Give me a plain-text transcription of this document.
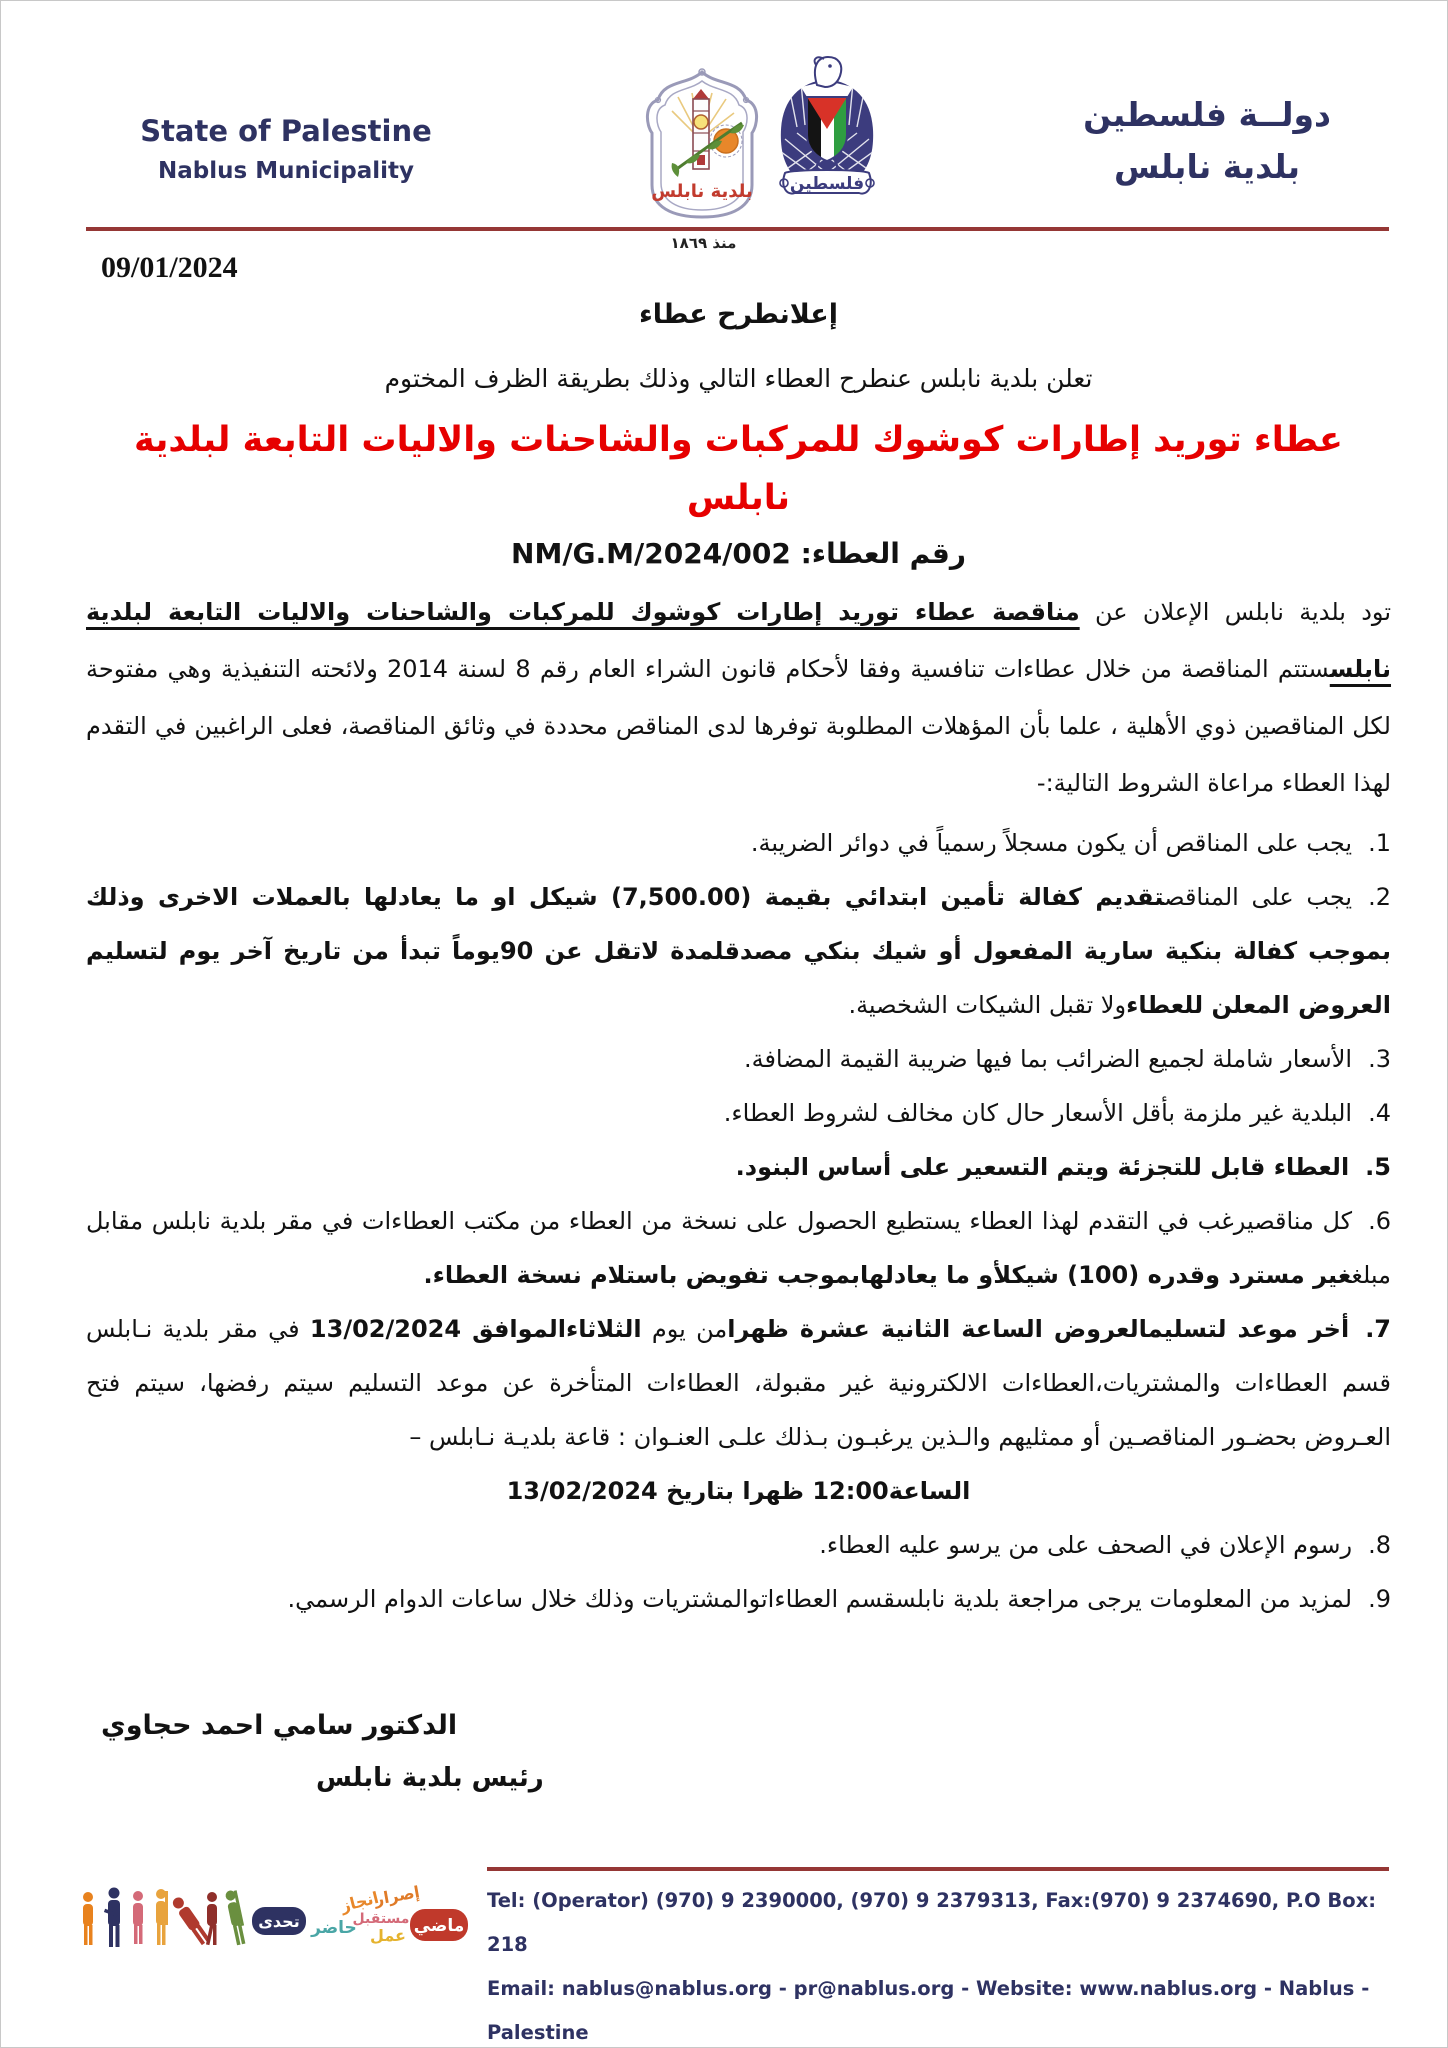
State of Palestine
Nablus Municipality
بلدية نابلس فلسطين
دولــة فلسطين
بلدية نابلس
منذ ١٨٦٩
09/01/2024
إعلانطرح عطاء
تعلن بلدية نابلس عنطرح العطاء التالي وذلك بطريقة الظرف المختوم
عطاء توريد إطارات كوشوك للمركبات والشاحنات والاليات التابعة لبلدية
نابلس
رقم العطاء: NM/G.M/2024/002

تود بلدية نابلس الإعلان عن مناقصة عطاء توريد إطارات كوشوك للمركبات والشاحنات والاليات التابعة لبلدية نابلسستتم المناقصة من خلال عطاءات تنافسية وفقا لأحكام قانون الشراء العام رقم 8 لسنة 2014 ولائحته التنفيذية وهي مفتوحة لكل المناقصين ذوي الأهلية ، علما بأن المؤهلات المطلوبة توفرها لدى المناقص محددة في وثائق المناقصة، فعلى الراغبين في التقدم لهذا العطاء مراعاة الشروط التالية:-

1.يجب على المناقص أن يكون مسجلاً رسمياً في دوائر الضريبة.

2.يجب على المناقصتقديم كفالة تأمين ابتدائي بقيمة (7,500.00) شيكل او ما يعادلها بالعملات الاخرى وذلك بموجب كفالة بنكية سارية المفعول أو شيك بنكي مصدقلمدة لاتقل عن 90يوماً تبدأ من تاريخ آخر يوم لتسليم العروض المعلن للعطاءولا تقبل الشيكات الشخصية.

3.الأسعار شاملة لجميع الضرائب بما فيها ضريبة القيمة المضافة.

4.البلدية غير ملزمة بأقل الأسعار حال كان مخالف لشروط العطاء.

5.العطاء قابل للتجزئة ويتم التسعير على أساس البنود.

6.كل مناقصيرغب في التقدم لهذا العطاء يستطيع الحصول على نسخة من العطاء من مكتب العطاءات في مقر بلدية نابلس مقابل مبلغغير مسترد وقدره (100) شيكلأو ما يعادلهابموجب تفويض باستلام نسخة العطاء.

7.أخر موعد لتسليمالعروض الساعة الثانية عشرة ظهرامن يوم الثلاثاءالموافق 13/02/2024 في مقر بلدية نـابلس قسم العطاءات والمشتريات،العطاءات الالكترونية غير مقبولة، العطاءات المتأخرة عن موعد التسليم سيتم رفضها، سيتم فتح العـروض بحضـور المناقصـين أو ممثليهم والـذين يرغبـون بـذلك علـى العنـوان : قاعة بلديـة نـابلس –
الساعة12:00 ظهرا بتاريخ 13/02/2024

8.رسوم الإعلان في الصحف على من يرسو عليه العطاء.

9.لمزيد من المعلومات يرجى مراجعة بلدية نابلسقسم العطاءاتوالمشتريات وذلك خلال ساعات الدوام الرسمي.

الدكتور سامي احمد حجاوي
رئيس بلدية نابلس
تحدى حاضر
انجاز
مستقبل
عمل
إصرار
ماضي
Tel: (Operator) (970) 9 2390000, (970) 9 2379313, Fax:(970) 9 2374690, P.O Box: 218
Email: nablus@nablus.org - pr@nablus.org - Website: www.nablus.org - Nablus - Palestine
